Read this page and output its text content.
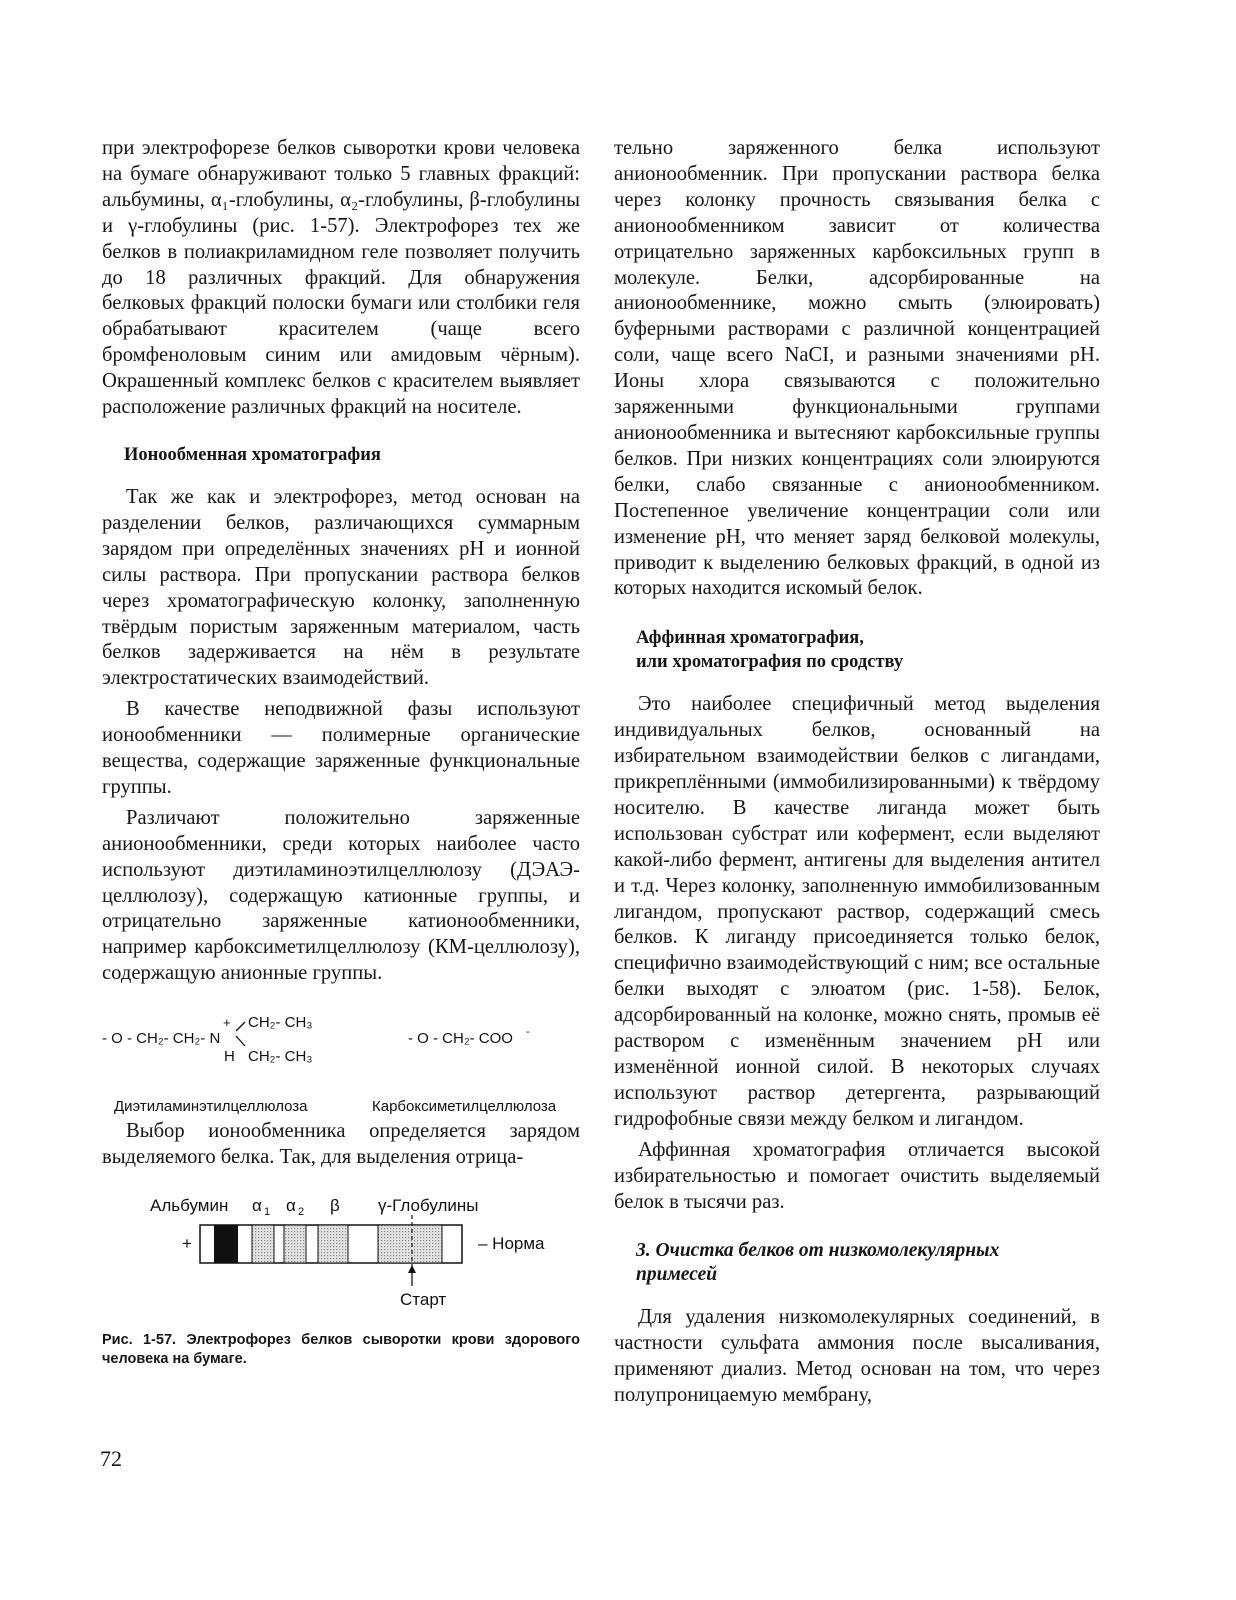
при электрофорезе белков сыворотки крови человека на бумаге обнаруживают только 5 главных фракций: альбумины, α₁-глобулины, α₂-глобулины, β-глобулины и γ-глобулины (рис. 1-57). Электрофорез тех же белков в полиакриламидном геле позволяет получить до 18 различных фракций. Для обнаружения белковых фракций полоски бумаги или столбики геля обрабатывают красителем (чаще всего бромфеноловым синим или амидовым чёрным). Окрашенный комплекс белков с красителем выявляет расположение различных фракций на носителе.

Ионообменная хроматография

Так же как и электрофорез, метод основан на разделении белков, различающихся суммарным зарядом при определённых значениях pH и ионной силы раствора. При пропускании раствора белков через хроматографическую колонку, заполненную твёрдым пористым заряженным материалом, часть белков задерживается на нём в результате электростатических взаимодействий.

В качестве неподвижной фазы используют ионообменники — полимерные органические вещества, содержащие заряженные функциональные группы.

Различают положительно заряженные анионообменники, среди которых наиболее часто используют диэтиламиноэтилцеллюлозу (ДЭАЭ-целлюлозу), содержащую катионные группы, и отрицательно заряженные катионообменники, например карбоксиметилцеллюлозу (КМ-целлюлозу), содержащую анионные группы.

- O - CH₂- CH₂- N
+
H
CH₂- CH₃
CH₂- CH₃
- O - CH₂- COO -
Диэтиламинэтилцеллюлоза	Карбоксиметилцеллюлоза

Выбор ионообменника определяется зарядом выделяемого белка. Так, для выделения отрица-

Альбумин α 1 α 2 β γ-Глобулины
+	– Норма
Старт

Рис. 1-57. Электрофорез белков сыворотки крови здорового человека на бумаге.

тельно заряженного белка используют анионообменник. При пропускании раствора белка через колонку прочность связывания белка с анионообменником зависит от количества отрицательно заряженных карбоксильных групп в молекуле. Белки, адсорбированные на анионообменнике, можно смыть (элюировать) буферными растворами с различной концентрацией соли, чаще всего NaCI, и разными значениями pH. Ионы хлора связываются с положительно заряженными функциональными группами анионообменника и вытесняют карбоксильные группы белков. При низких концентрациях соли элюируются белки, слабо связанные с анионообменником. Постепенное увеличение концентрации соли или изменение pH, что меняет заряд белковой молекулы, приводит к выделению белковых фракций, в одной из которых находится искомый белок.

Аффинная хроматография,
или хроматография по сродству

Это наиболее специфичный метод выделения индивидуальных белков, основанный на избирательном взаимодействии белков с лигандами, прикреплёнными (иммобилизированными) к твёрдому носителю. В качестве лиганда может быть использован субстрат или кофермент, если выделяют какой-либо фермент, антигены для выделения антител и т.д. Через колонку, заполненную иммобилизованным лигандом, пропускают раствор, содержащий смесь белков. К лиганду присоединяется только белок, специфично взаимодействующий с ним; все остальные белки выходят с элюатом (рис. 1-58). Белок, адсорбированный на колонке, можно снять, промыв её раствором с изменённым значением pH или изменённой ионной силой. В некоторых случаях используют раствор детергента, разрывающий гидрофобные связи между белком и лигандом.

Аффинная хроматография отличается высокой избирательностью и помогает очистить выделяемый белок в тысячи раз.

3. Очистка белков от низкомолекулярных
примесей

Для удаления низкомолекулярных соединений, в частности сульфата аммония после высаливания, применяют диализ. Метод основан на том, что через полупроницаемую мембрану,

72
